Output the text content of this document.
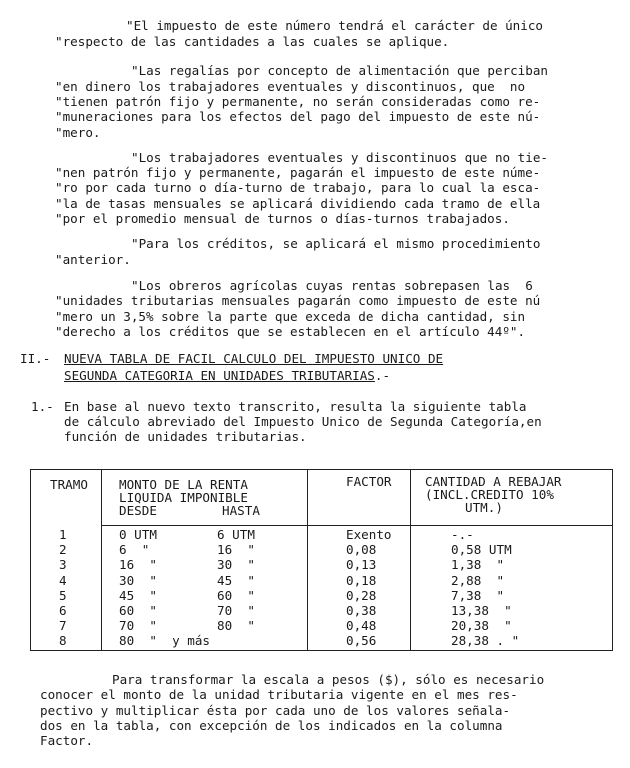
"El impuesto de este número tendrá el carácter de único
"respecto de las cantidades a las cuales se aplique.
"Las regalías por concepto de alimentación que perciban
"en dinero los trabajadores eventuales y discontinuos, que  no
"tienen patrón fijo y permanente, no serán consideradas como re-
"muneraciones para los efectos del pago del impuesto de este nú-
"mero.
"Los trabajadores eventuales y discontinuos que no tie-
"nen patrón fijo y permanente, pagarán el impuesto de este núme-
"ro por cada turno o día-turno de trabajo, para lo cual la esca-
"la de tasas mensuales se aplicará dividiendo cada tramo de ella
"por el promedio mensual de turnos o días-turnos trabajados.
"Para los créditos, se aplicará el mismo procedimiento
"anterior.
"Los obreros agrícolas cuyas rentas sobrepasen las  6
"unidades tributarias mensuales pagarán como impuesto de este nú
"mero un 3,5% sobre la parte que exceda de dicha cantidad, sin
"derecho a los créditos que se establecen en el artículo 44º".
II.- NUEVA TABLA DE FACIL CALCULO DEL IMPUESTO UNICO DE
SEGUNDA CATEGORIA EN UNIDADES TRIBUTARIAS.-
1.- En base al nuevo texto transcrito, resulta la siguiente tabla
de cálculo abreviado del Impuesto Unico de Segunda Categoría,en
función de unidades tributarias.
TRAMO MONTO DE LA RENTA
LIQUIDA IMPONIBLE
DESDE	HASTA
FACTOR	CANTIDAD A REBAJAR
(INCL.CREDITO 10%
UTM.)
1	0 UTM	6 UTM	Exento	-.-
2	6  "	16  "	0,08	0,58 UTM
3	16  "	30  "	0,13	1,38  "
4	30  "	45  "	0,18	2,88  "
5	45  "	60  "	0,28	7,38  "
6	60  "	70  "	0,38	13,38  "
7	70  "	80  "	0,48	20,38  "
8	80  "  y más	0,56	28,38 . "
Para transformar la escala a pesos ($), sólo es necesario
conocer el monto de la unidad tributaria vigente en el mes res-
pectivo y multiplicar ésta por cada uno de los valores señala-
dos en la tabla, con excepción de los indicados en la columna
Factor.
